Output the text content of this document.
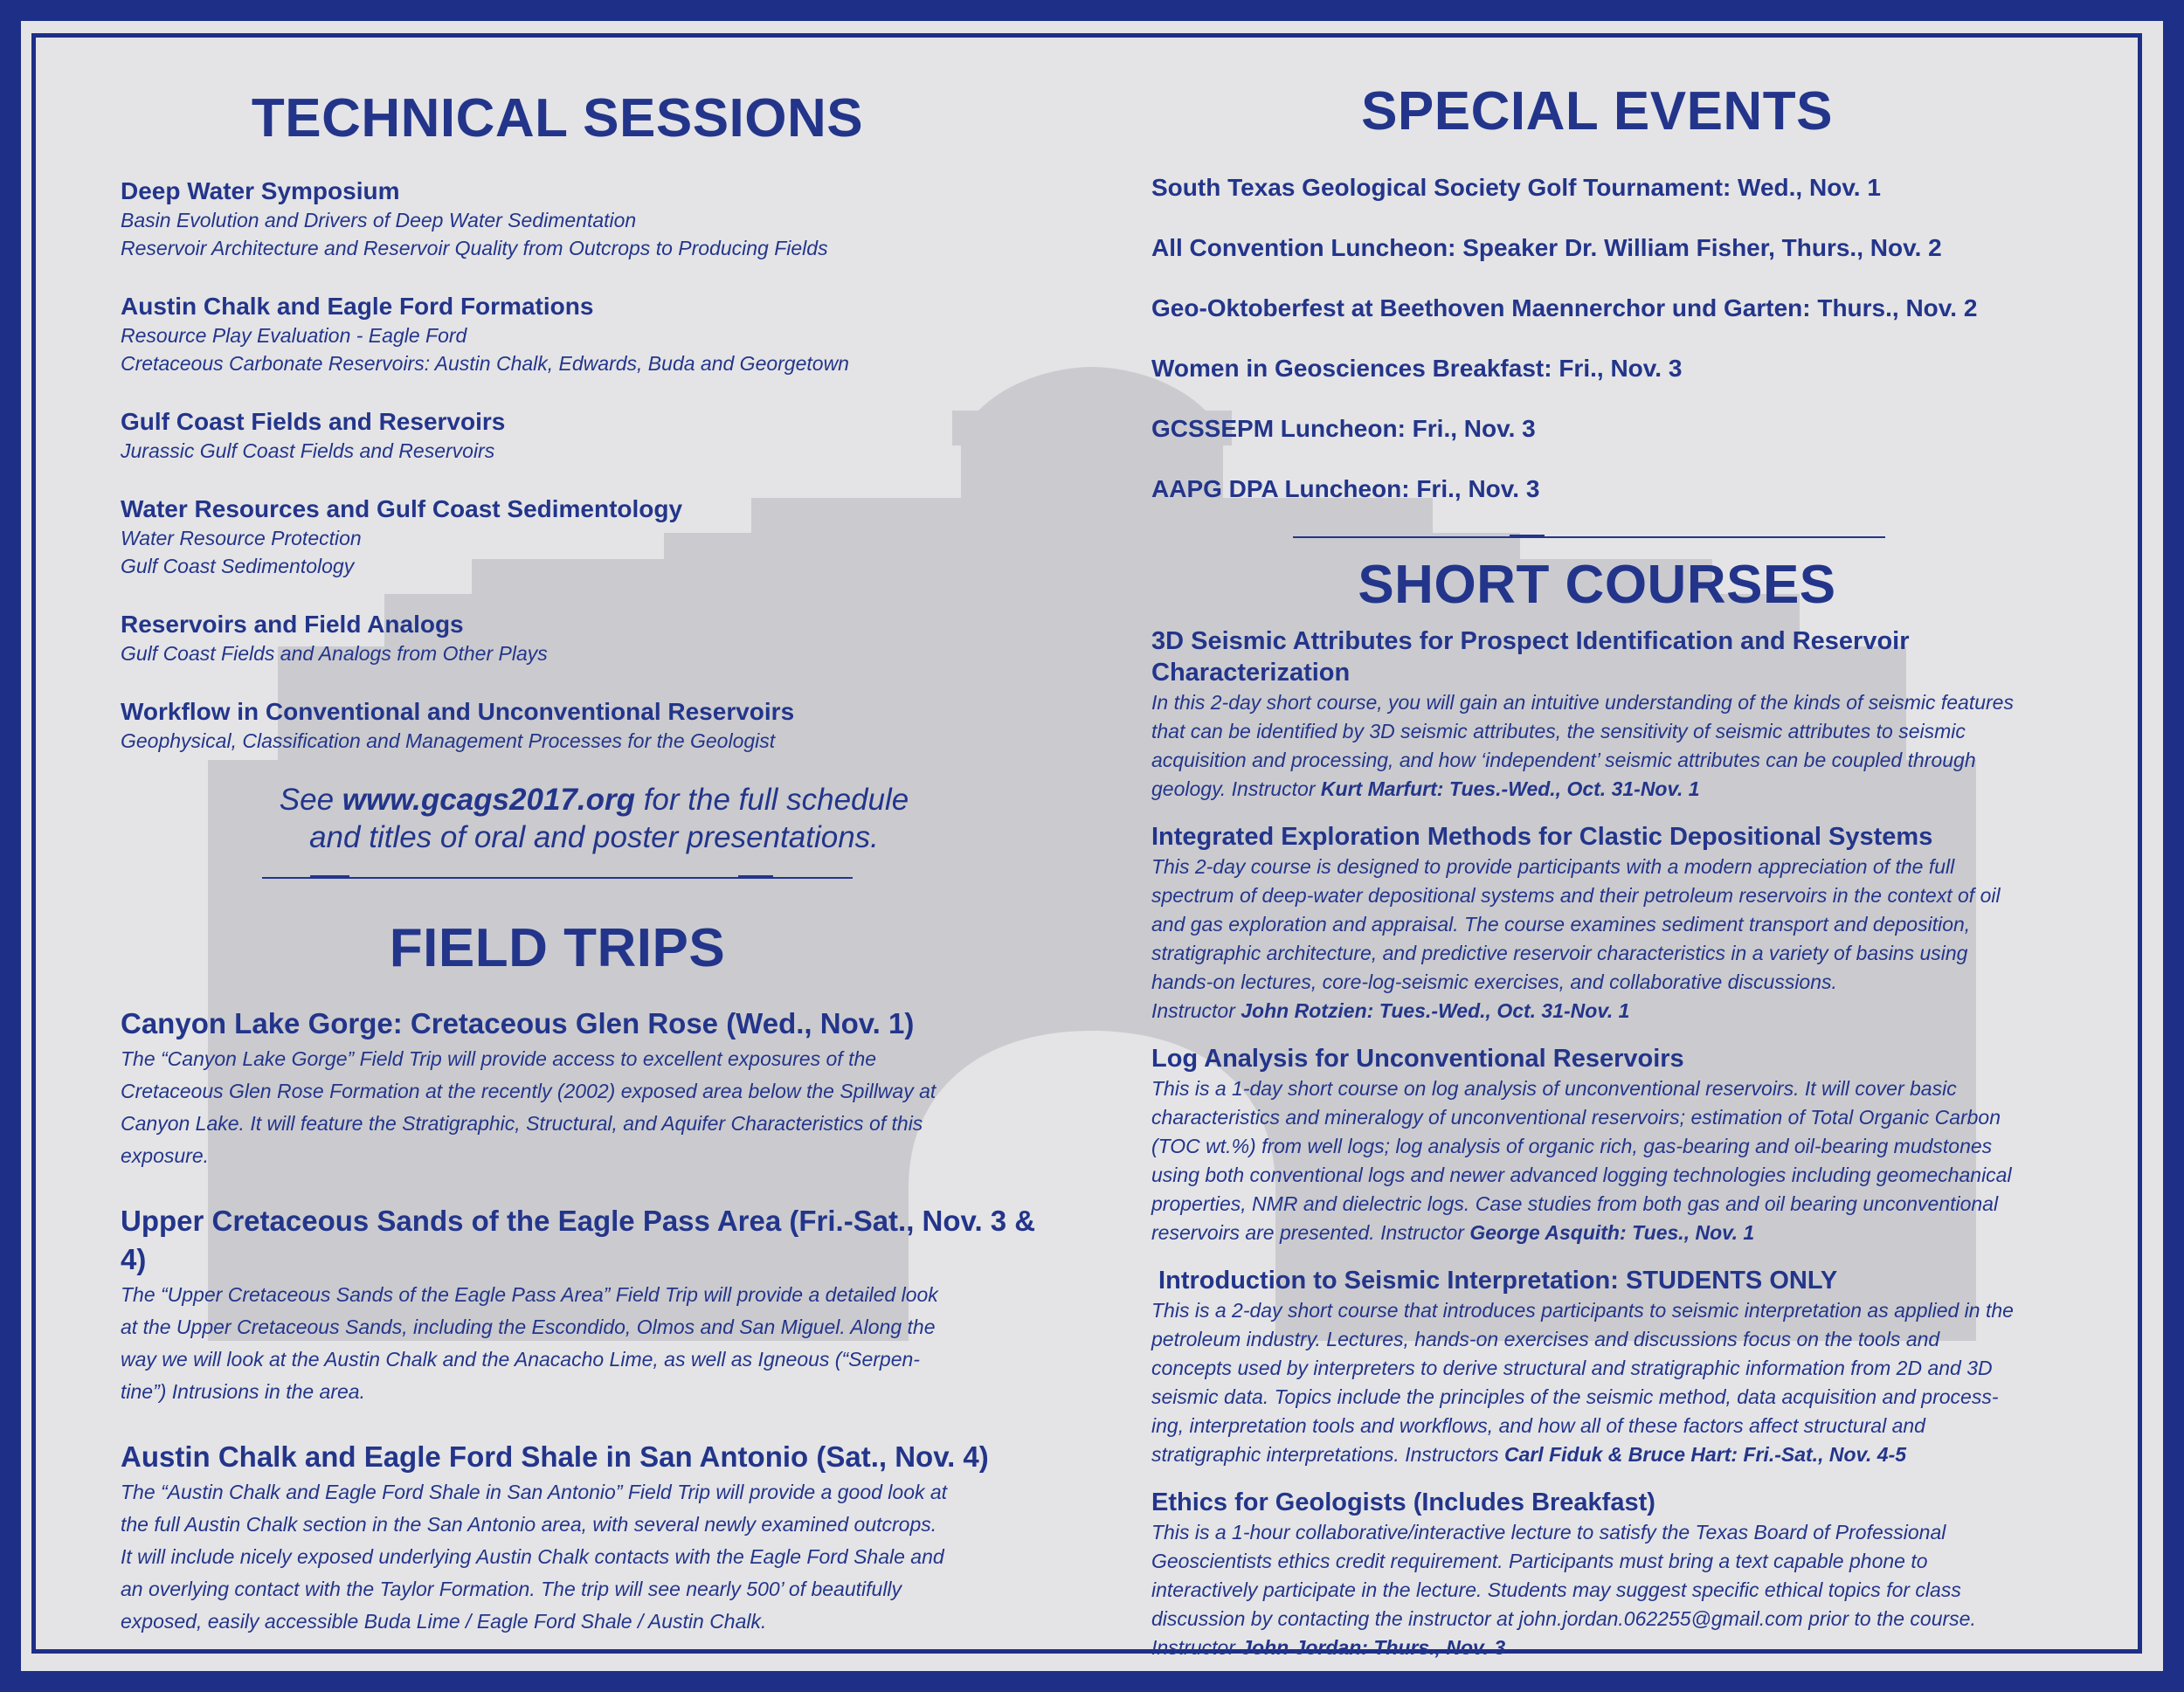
TECHNICAL SESSIONS
Deep Water Symposium
Basin Evolution and Drivers of Deep Water Sedimentation
Reservoir Architecture and Reservoir Quality from Outcrops to Producing Fields
Austin Chalk and Eagle Ford Formations
Resource Play Evaluation - Eagle Ford
Cretaceous Carbonate Reservoirs: Austin Chalk, Edwards, Buda and Georgetown
Gulf Coast Fields and Reservoirs
Jurassic Gulf Coast Fields and Reservoirs
Water Resources and Gulf Coast Sedimentology
Water Resource Protection
Gulf Coast Sedimentology
Reservoirs and Field Analogs
Gulf Coast Fields and Analogs from Other Plays
Workflow in Conventional and Unconventional Reservoirs
Geophysical, Classification and Management Processes for the Geologist
See www.gcags2017.org for the full schedule
and titles of oral and poster presentations.
FIELD TRIPS
Canyon Lake Gorge: Cretaceous Glen Rose (Wed., Nov. 1)
The “Canyon Lake Gorge” Field Trip will provide access to excellent exposures of the
Cretaceous Glen Rose Formation at the recently (2002) exposed area below the Spillway at
Canyon Lake. It will feature the Stratigraphic, Structural, and Aquifer Characteristics of this
exposure.
Upper Cretaceous Sands of the Eagle Pass Area (Fri.-Sat., Nov. 3 & 4)
The “Upper Cretaceous Sands of the Eagle Pass Area” Field Trip will provide a detailed look
at the Upper Cretaceous Sands, including the Escondido, Olmos and San Miguel. Along the
way we will look at the Austin Chalk and the Anacacho Lime, as well as Igneous (“Serpen-
tine”) Intrusions in the area.
Austin Chalk and Eagle Ford Shale in San Antonio (Sat., Nov. 4)
The “Austin Chalk and Eagle Ford Shale in San Antonio” Field Trip will provide a good look at
the full Austin Chalk section in the San Antonio area, with several newly examined outcrops.
It will include nicely exposed underlying Austin Chalk contacts with the Eagle Ford Shale and
an overlying contact with the Taylor Formation. The trip will see nearly 500’ of beautifully
exposed, easily accessible Buda Lime / Eagle Ford Shale / Austin Chalk.
SPECIAL EVENTS
South Texas Geological Society Golf Tournament: Wed., Nov. 1
All Convention Luncheon: Speaker Dr. William Fisher, Thurs., Nov. 2
Geo-Oktoberfest at Beethoven Maennerchor und Garten: Thurs., Nov. 2
Women in Geosciences Breakfast: Fri., Nov. 3
GCSSEPM Luncheon: Fri., Nov. 3
AAPG DPA Luncheon: Fri., Nov. 3
SHORT COURSES
3D Seismic Attributes for Prospect Identification and Reservoir Characterization
In this 2-day short course, you will gain an intuitive understanding of the kinds of seismic features
that can be identified by 3D seismic attributes, the sensitivity of seismic attributes to seismic
acquisition and processing, and how ‘independent’ seismic attributes can be coupled through
geology. Instructor Kurt Marfurt: Tues.-Wed., Oct. 31-Nov. 1
Integrated Exploration Methods for Clastic Depositional Systems
This 2-day course is designed to provide participants with a modern appreciation of the full
spectrum of deep-water depositional systems and their petroleum reservoirs in the context of oil
and gas exploration and appraisal. The course examines sediment transport and deposition,
stratigraphic architecture, and predictive reservoir characteristics in a variety of basins using
hands-on lectures, core-log-seismic exercises, and collaborative discussions.
Instructor John Rotzien: Tues.-Wed., Oct. 31-Nov. 1
Log Analysis for Unconventional Reservoirs
This is a 1-day short course on log analysis of unconventional reservoirs. It will cover basic
characteristics and mineralogy of unconventional reservoirs; estimation of Total Organic Carbon
(TOC wt.%) from well logs; log analysis of organic rich, gas-bearing and oil-bearing mudstones
using both conventional logs and newer advanced logging technologies including geomechanical
properties, NMR and dielectric logs. Case studies from both gas and oil bearing unconventional
reservoirs are presented. Instructor George Asquith: Tues., Nov. 1
Introduction to Seismic Interpretation: STUDENTS ONLY
This is a 2-day short course that introduces participants to seismic interpretation as applied in the
petroleum industry. Lectures, hands-on exercises and discussions focus on the tools and
concepts used by interpreters to derive structural and stratigraphic information from 2D and 3D
seismic data. Topics include the principles of the seismic method, data acquisition and process-
ing, interpretation tools and workflows, and how all of these factors affect structural and
stratigraphic interpretations. Instructors Carl Fiduk & Bruce Hart: Fri.-Sat., Nov. 4-5
Ethics for Geologists (Includes Breakfast)
This is a 1-hour collaborative/interactive lecture to satisfy the Texas Board of Professional
Geoscientists ethics credit requirement. Participants must bring a text capable phone to
interactively participate in the lecture. Students may suggest specific ethical topics for class
discussion by contacting the instructor at john.jordan.062255@gmail.com prior to the course.
Instructor John Jordan: Thurs., Nov. 3
